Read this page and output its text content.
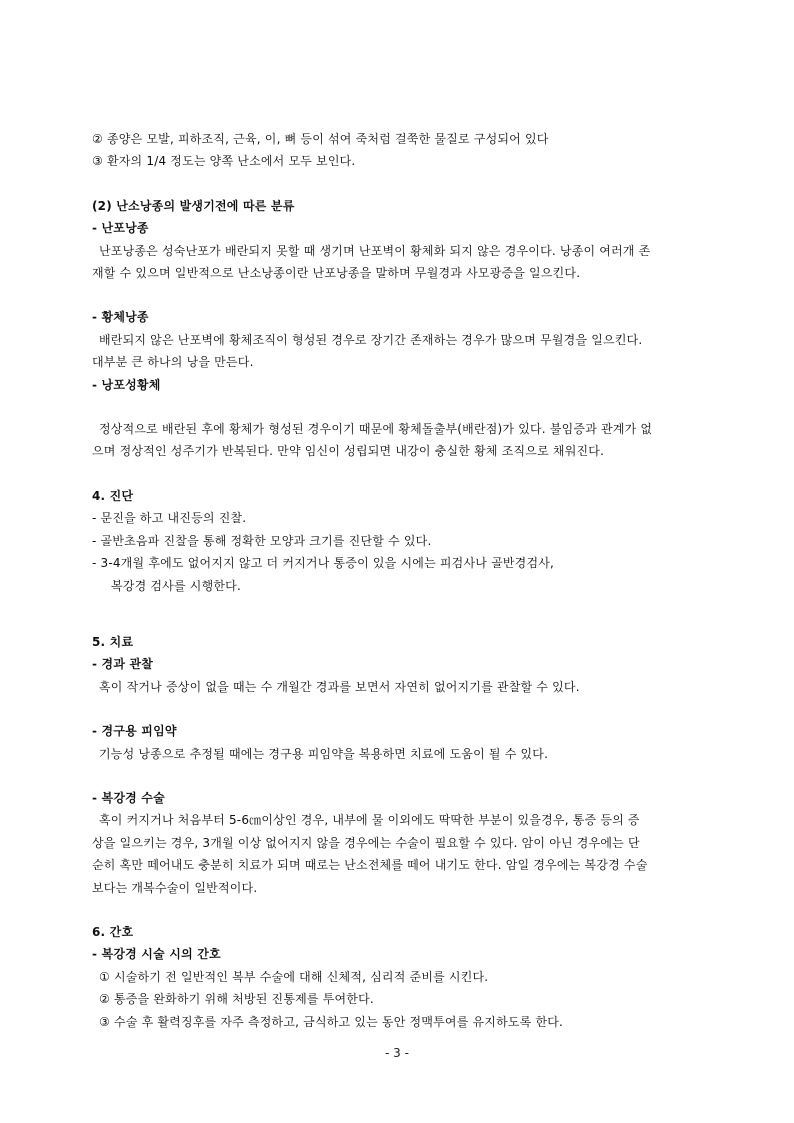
② 종양은 모발, 피하조직, 근육, 이, 뼈 등이 섞여 죽처럼 걸쭉한 물질로 구성되어 있다
③ 환자의 1/4 정도는 양쪽 난소에서 모두 보인다.
(2) 난소낭종의 발생기전에 따른 분류
- 난포낭종
난포낭종은 성숙난포가 배란되지 못할 때 생기며 난포벽이 황체화 되지 않은 경우이다. 낭종이 여러개 존
재할 수 있으며 일반적으로 난소낭종이란 난포낭종을 말하며 무월경과 사모광증을 일으킨다.
- 황체낭종
배란되지 않은 난포벽에 황체조직이 형성된 경우로 장기간 존재하는 경우가 많으며 무월경을 일으킨다.
대부분 큰 하나의 낭을 만든다.
- 낭포성황체
정상적으로 배란된 후에 황체가 형성된 경우이기 때문에 황체돌출부(배란점)가 있다. 불임증과 관계가 없
으며 정상적인 성주기가 반복된다. 만약 임신이 성립되면 내강이 충실한 황체 조직으로 채워진다.
4. 진단
- 문진을 하고 내진등의 진찰.
- 골반초음파 진찰을 통해 정확한 모양과 크기를 진단할 수 있다.
- 3-4개월 후에도 없어지지 않고 더 커지거나 통증이 있을 시에는 피검사나 골반경검사,
복강경 검사를 시행한다.
5. 치료
- 경과 관찰
혹이 작거나 증상이 없을 때는 수 개월간 경과를 보면서 자연히 없어지기를 관찰할 수 있다.
- 경구용 피임약
기능성 낭종으로 추정될 때에는 경구용 피임약을 복용하면 치료에 도움이 될 수 있다.
- 복강경 수술
혹이 커지거나 처음부터 5-6㎝이상인 경우, 내부에 물 이외에도 딱딱한 부분이 있을경우, 통증 등의 증
상을 일으키는 경우, 3개월 이상 없어지지 않을 경우에는 수술이 필요할 수 있다. 암이 아닌 경우에는 단
순히 혹만 떼어내도 충분히 치료가 되며 때로는 난소전체를 떼어 내기도 한다. 암일 경우에는 복강경 수술
보다는 개복수술이 일반적이다.
6. 간호
- 복강경 시술 시의 간호
① 시술하기 전 일반적인 복부 수술에 대해 신체적, 심리적 준비를 시킨다.
② 통증을 완화하기 위해 처방된 진통제를 투여한다.
③ 수술 후 활력징후를 자주 측정하고, 금식하고 있는 동안 정맥투여를 유지하도록 한다.
- 3 -
